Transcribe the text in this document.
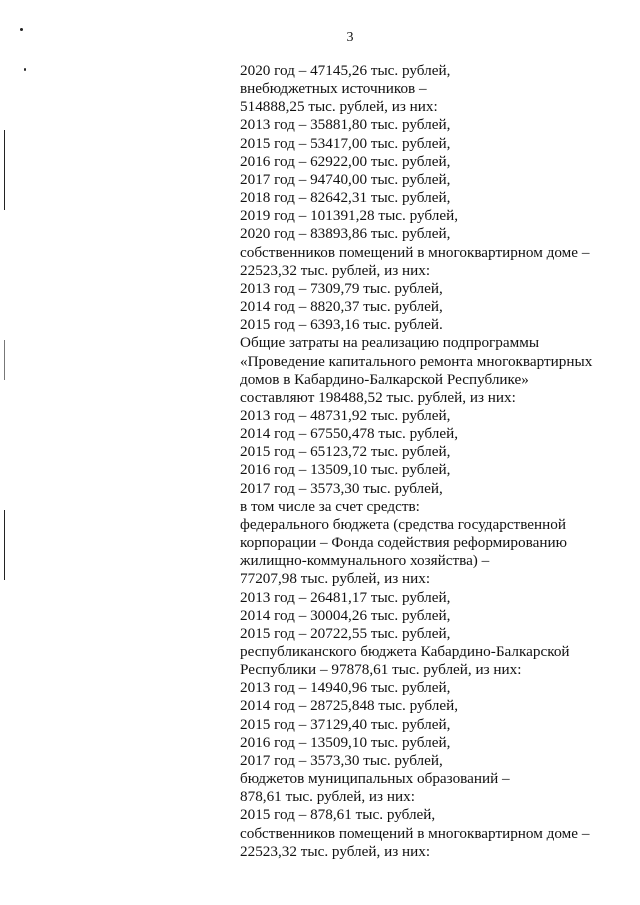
3
2020 год – 47145,26 тыс. рублей,
внебюджетных источников –
514888,25 тыс. рублей, из них:
2013 год – 35881,80 тыс. рублей,
2015 год – 53417,00 тыс. рублей,
2016 год – 62922,00 тыс. рублей,
2017 год – 94740,00 тыс. рублей,
2018 год – 82642,31 тыс. рублей,
2019 год – 101391,28 тыс. рублей,
2020 год – 83893,86 тыс. рублей,
собственников помещений в многоквартирном доме –
22523,32 тыс. рублей, из них:
2013 год – 7309,79 тыс. рублей,
2014 год – 8820,37 тыс. рублей,
2015 год – 6393,16 тыс. рублей.
Общие затраты на реализацию подпрограммы
«Проведение капитального ремонта многоквартирных
домов в Кабардино-Балкарской Республике»
составляют 198488,52 тыс. рублей, из них:
2013 год – 48731,92 тыс. рублей,
2014 год – 67550,478 тыс. рублей,
2015 год – 65123,72 тыс. рублей,
2016 год – 13509,10 тыс. рублей,
2017 год – 3573,30 тыс. рублей,
в том числе за счет средств:
федерального бюджета (средства государственной
корпорации – Фонда содействия реформированию
жилищно-коммунального хозяйства) –
77207,98 тыс. рублей, из них:
2013 год – 26481,17 тыс. рублей,
2014 год – 30004,26 тыс. рублей,
2015 год – 20722,55 тыс. рублей,
республиканского бюджета Кабардино-Балкарской
Республики – 97878,61 тыс. рублей, из них:
2013 год – 14940,96 тыс. рублей,
2014 год – 28725,848 тыс. рублей,
2015 год – 37129,40 тыс. рублей,
2016 год – 13509,10 тыс. рублей,
2017 год – 3573,30 тыс. рублей,
бюджетов муниципальных образований –
878,61 тыс. рублей, из них:
2015 год – 878,61 тыс. рублей,
собственников помещений в многоквартирном доме –
22523,32 тыс. рублей, из них:
